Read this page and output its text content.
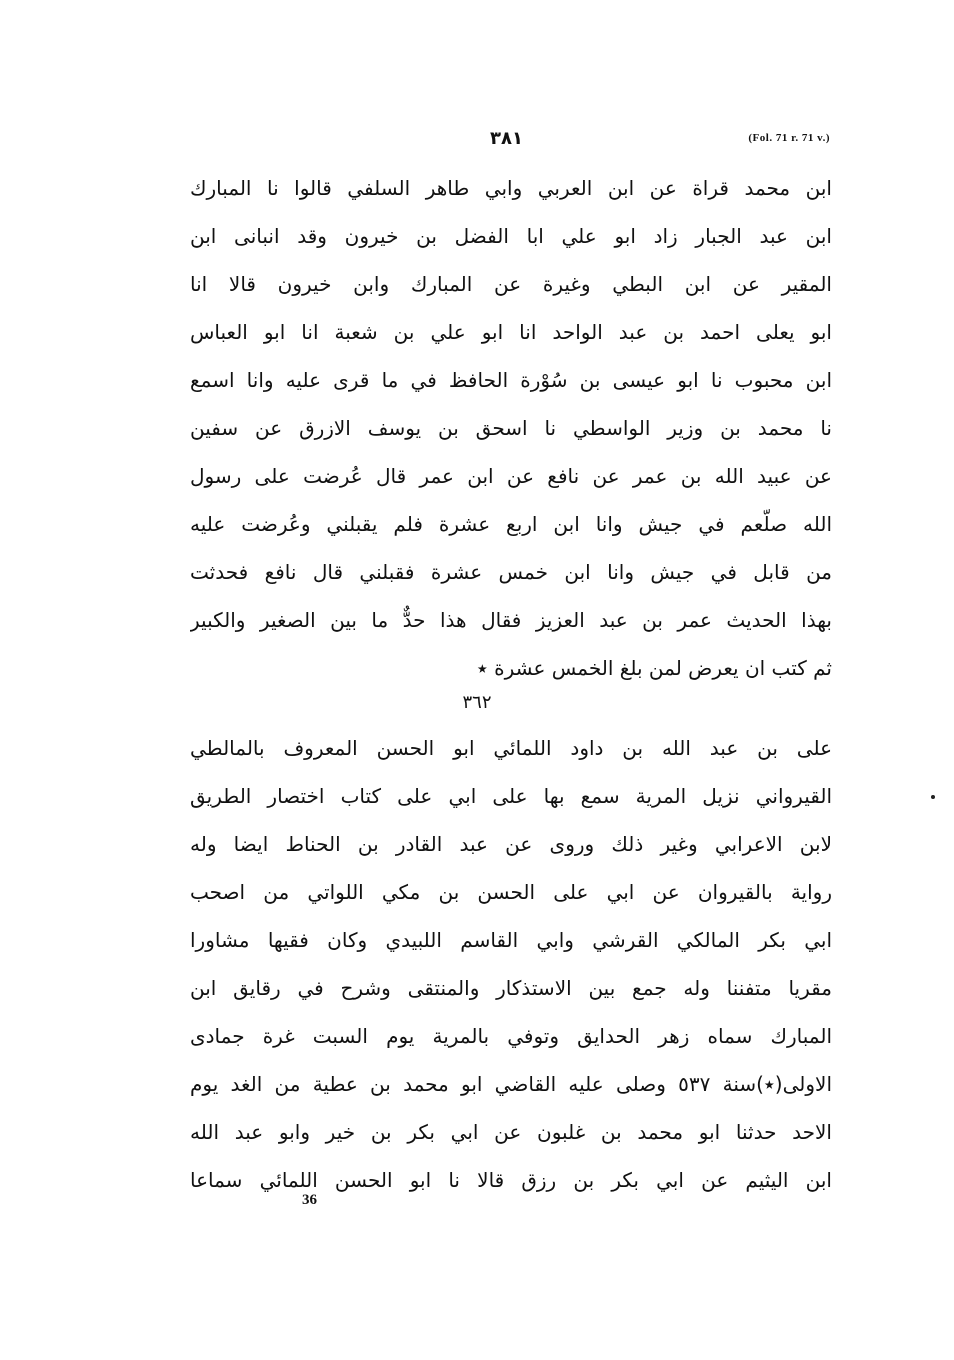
٣٨١	(Fol. 71 r. 71 v.)
ابن محمد قراة عن ابن العربي وابي طاهر السلفي قالوا نا المبارك
ابن عبد الجبار زاد ابو علي ابا الفضل بن خيرون وقد انبانى ابن
المقير عن ابن البطي وغيرة عن المبارك وابن خيرون قالا انا
ابو يعلى احمد بن عبد الواحد انا ابو علي بن شعبة انا ابو العباس
ابن محبوب نا ابو عيسى بن سُوْرة الحافظ في ما قرى عليه وانا اسمع
نا محمد بن وزير الواسطي نا اسحق بن يوسف الازرق عن سفين
عن عبيد الله بن عمر عن نافع عن ابن عمر قال عُرضت على رسول
الله صلّعم في جيش وانا ابن اربع عشرة فلم يقبلني وعُرضت عليه
من قابل في جيش وانا ابن خمس عشرة فقبلني قال نافع فحدثت
بهذا الحديث عمر بن عبد العزيز فقال هذا حدٌّ ما بين الصغير والكبير
ثم كتب ان يعرض لمن بلغ الخمس عشرة ٭
٣٦٢
على بن عبد الله بن داود اللمائي ابو الحسن المعروف بالمالطي
القيرواني نزيل المرية سمع بها على ابي على كتاب اختصار الطريق
لابن الاعرابي وغير ذلك وروى عن عبد القادر بن الحناط ايضا وله
رواية بالقيروان عن ابي على الحسن بن مكي اللواتي من اصحب
ابي بكر المالكي القرشي وابي القاسم اللبيدي وكان فقيها مشاورا
مقريا متفننا وله جمع بين الاستذكار والمنتقى وشرح في رقايق ابن
المبارك سماه زهر الحدايق وتوفي بالمرية يوم السبت غرة جمادى
الاولى(٭)سنة ٥٣٧ وصلى عليه القاضي ابو محمد بن عطية من الغد يوم
الاحد حدثنا ابو محمد بن غلبون عن ابي بكر بن خير وابو عبد الله
ابن اليثيم عن ابي بكر بن رزق قالا نا ابو الحسن اللمائي سماعا
36
